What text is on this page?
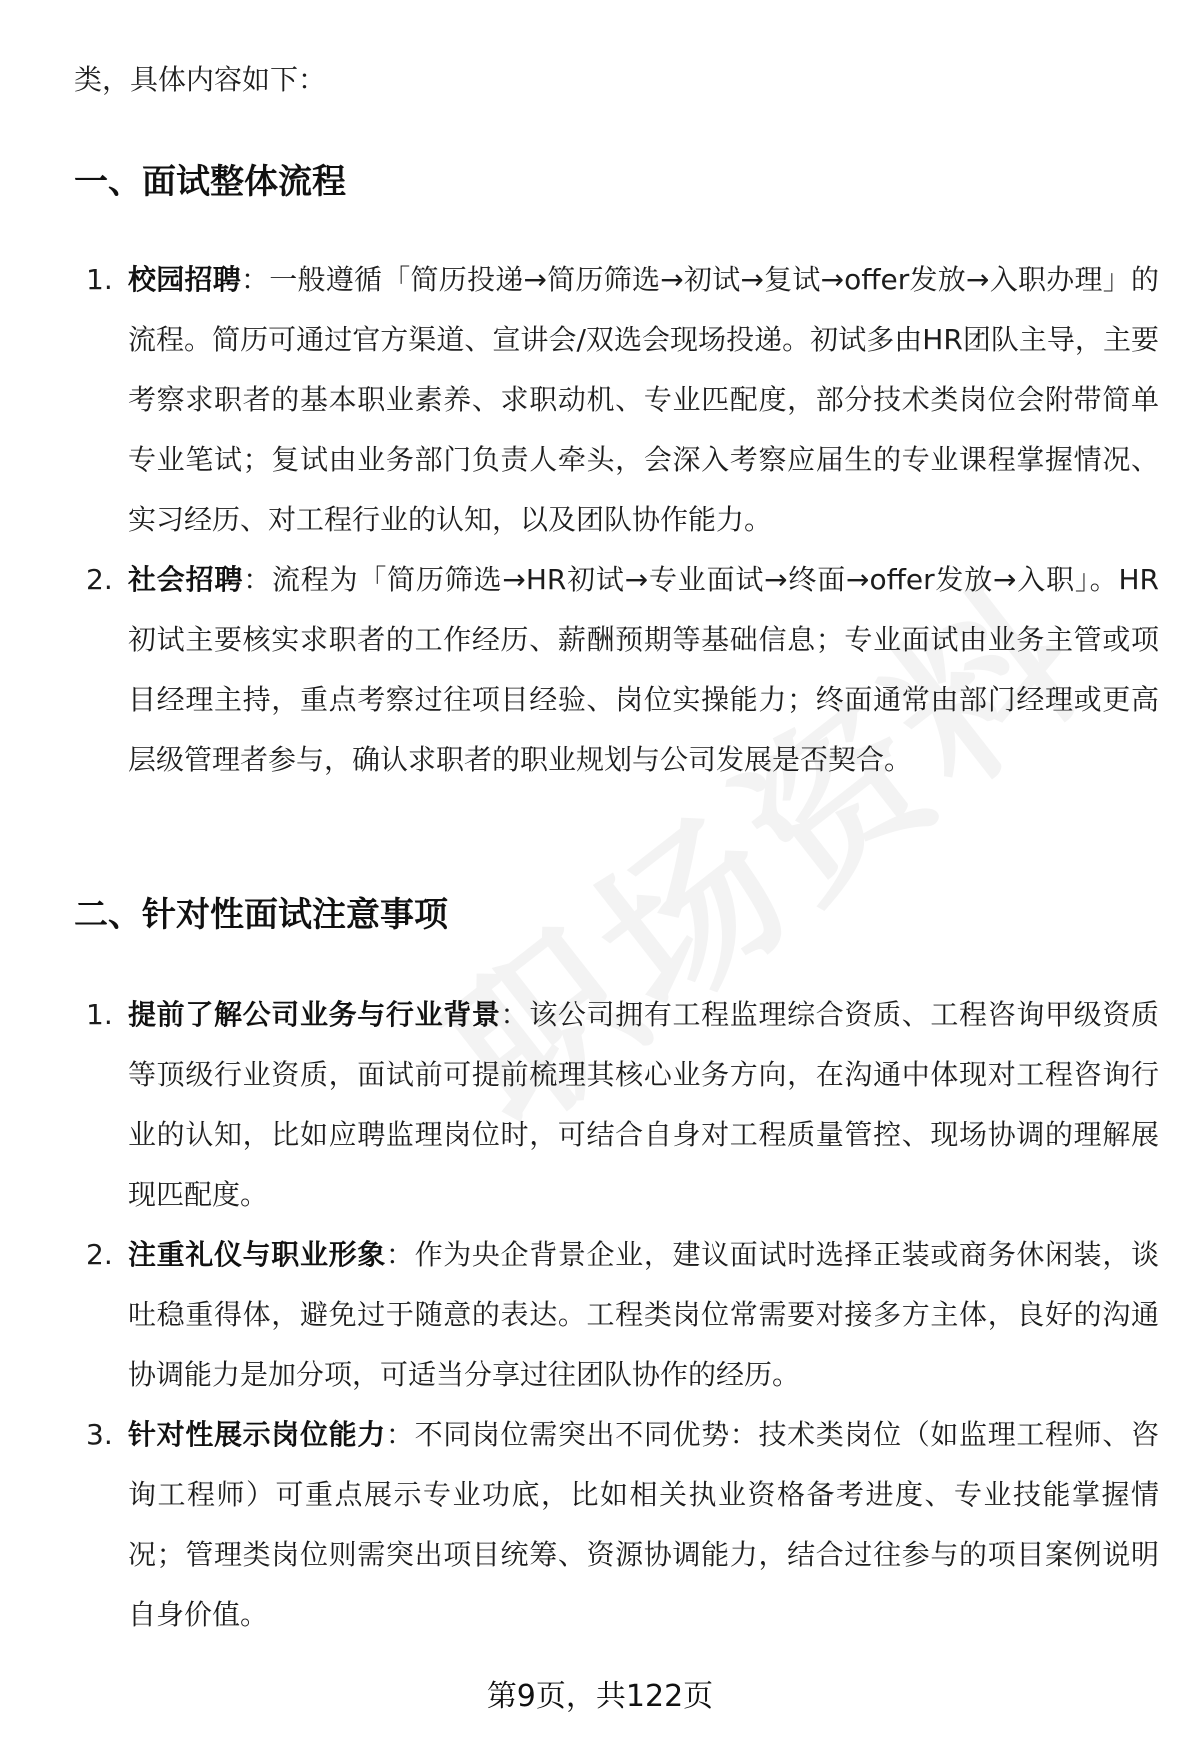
类，具体内容如下：

一、面试整体流程
1. 校园招聘：一般遵循「简历投递→简历筛选→初试→复试→offer发放→入职办理」的流程。简历可通过官方渠道、宣讲会/双选会现场投递。初试多由HR团队主导，主要考察求职者的基本职业素养、求职动机、专业匹配度，部分技术类岗位会附带简单专业笔试；复试由业务部门负责人牵头，会深入考察应届生的专业课程掌握情况、实习经历、对工程行业的认知，以及团队协作能力。
2. 社会招聘：流程为「简历筛选→HR初试→专业面试→终面→offer发放→入职」。HR初试主要核实求职者的工作经历、薪酬预期等基础信息；专业面试由业务主管或项目经理主持，重点考察过往项目经验、岗位实操能力；终面通常由部门经理或更高层级管理者参与，确认求职者的职业规划与公司发展是否契合。
二、针对性面试注意事项
1. 提前了解公司业务与行业背景：该公司拥有工程监理综合资质、工程咨询甲级资质等顶级行业资质，面试前可提前梳理其核心业务方向，在沟通中体现对工程咨询行业的认知，比如应聘监理岗位时，可结合自身对工程质量管控、现场协调的理解展现匹配度。
2. 注重礼仪与职业形象：作为央企背景企业，建议面试时选择正装或商务休闲装，谈吐稳重得体，避免过于随意的表达。工程类岗位常需要对接多方主体，良好的沟通协调能力是加分项，可适当分享过往团队协作的经历。
3. 针对性展示岗位能力：不同岗位需突出不同优势：技术类岗位（如监理工程师、咨询工程师）可重点展示专业功底，比如相关执业资格备考进度、专业技能掌握情况；管理类岗位则需突出项目统筹、资源协调能力，结合过往参与的项目案例说明自身价值。
第9页，共122页
